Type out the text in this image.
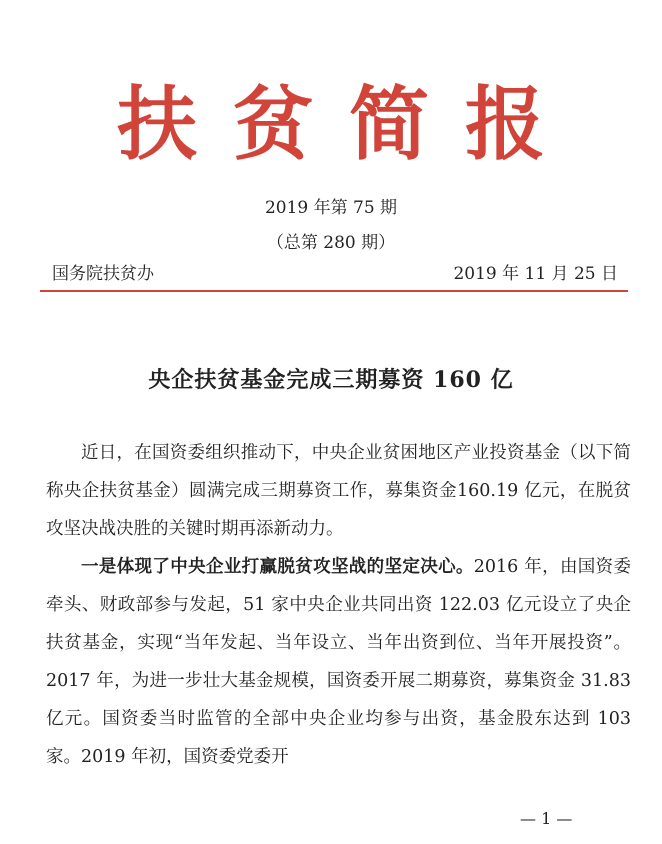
扶贫简报
2019 年第 75 期
（总第 280 期）
国务院扶贫办	2019 年 11 月 25 日
央企扶贫基金完成三期募资 160 亿

近日，在国资委组织推动下，中央企业贫困地区产业投资基金（以下简称央企扶贫基金）圆满完成三期募资工作，募集资金160.19 亿元，在脱贫攻坚决战决胜的关键时期再添新动力。

一是体现了中央企业打赢脱贫攻坚战的坚定决心。2016 年，由国资委牵头、财政部参与发起，51 家中央企业共同出资 122.03 亿元设立了央企扶贫基金，实现“当年发起、当年设立、当年出资到位、当年开展投资”。2017 年，为进一步壮大基金规模，国资委开展二期募资，募集资金 31.83 亿元。国资委当时监管的全部中央企业均参与出资，基金股东达到 103 家。2019 年初，国资委党委开

— 1 —
